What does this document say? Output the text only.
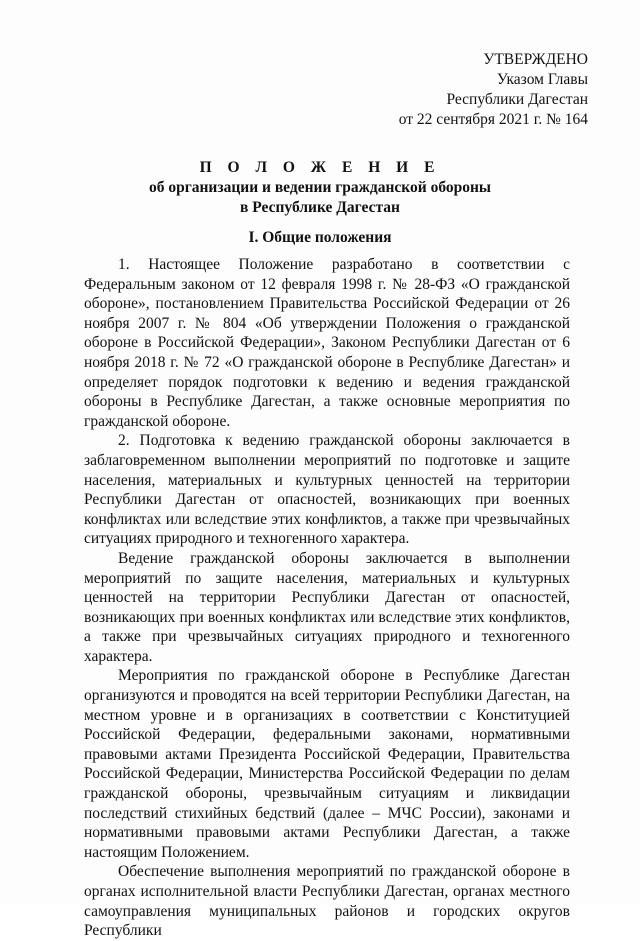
УТВЕРЖДЕНО
Указом Главы
Республики Дагестан
от 22 сентября 2021 г. № 164
П О Л О Ж Е Н И Е
об организации и ведении гражданской обороны
в Республике Дагестан
I. Общие положения

1. Настоящее Положение разработано в соответствии с Федеральным законом от 12 февраля 1998 г. № 28-ФЗ «О гражданской обороне», постановлением Правительства Российской Федерации от 26 ноября 2007 г. № 804 «Об утверждении Положения о гражданской обороне в Российской Федерации», Законом Республики Дагестан от 6 ноября 2018 г. № 72 «О гражданской обороне в Республике Дагестан» и определяет порядок подготовки к ведению и ведения гражданской обороны в Республике Дагестан, а также основные мероприятия по гражданской обороне.

2. Подготовка к ведению гражданской обороны заключается в заблаговременном выполнении мероприятий по подготовке и защите населения, материальных и культурных ценностей на территории Республики Дагестан от опасностей, возникающих при военных конфликтах или вследствие этих конфликтов, а также при чрезвычайных ситуациях природного и техногенного характера.

Ведение гражданской обороны заключается в выполнении мероприятий по защите населения, материальных и культурных ценностей на территории Республики Дагестан от опасностей, возникающих при военных конфликтах или вследствие этих конфликтов, а также при чрезвычайных ситуациях природного и техногенного характера.

Мероприятия по гражданской обороне в Республике Дагестан организуются и проводятся на всей территории Республики Дагестан, на местном уровне и в организациях в соответствии с Конституцией Российской Федерации, федеральными законами, нормативными правовыми актами Президента Российской Федерации, Правительства Российской Федерации, Министерства Российской Федерации по делам гражданской обороны, чрезвычайным ситуациям и ликвидации последствий стихийных бедствий (далее – МЧС России), законами и нормативными правовыми актами Республики Дагестан, а также настоящим Положением.

Обеспечение выполнения мероприятий по гражданской обороне в органах исполнительной власти Республики Дагестан, органах местного самоуправления муниципальных районов и городских округов Республики
